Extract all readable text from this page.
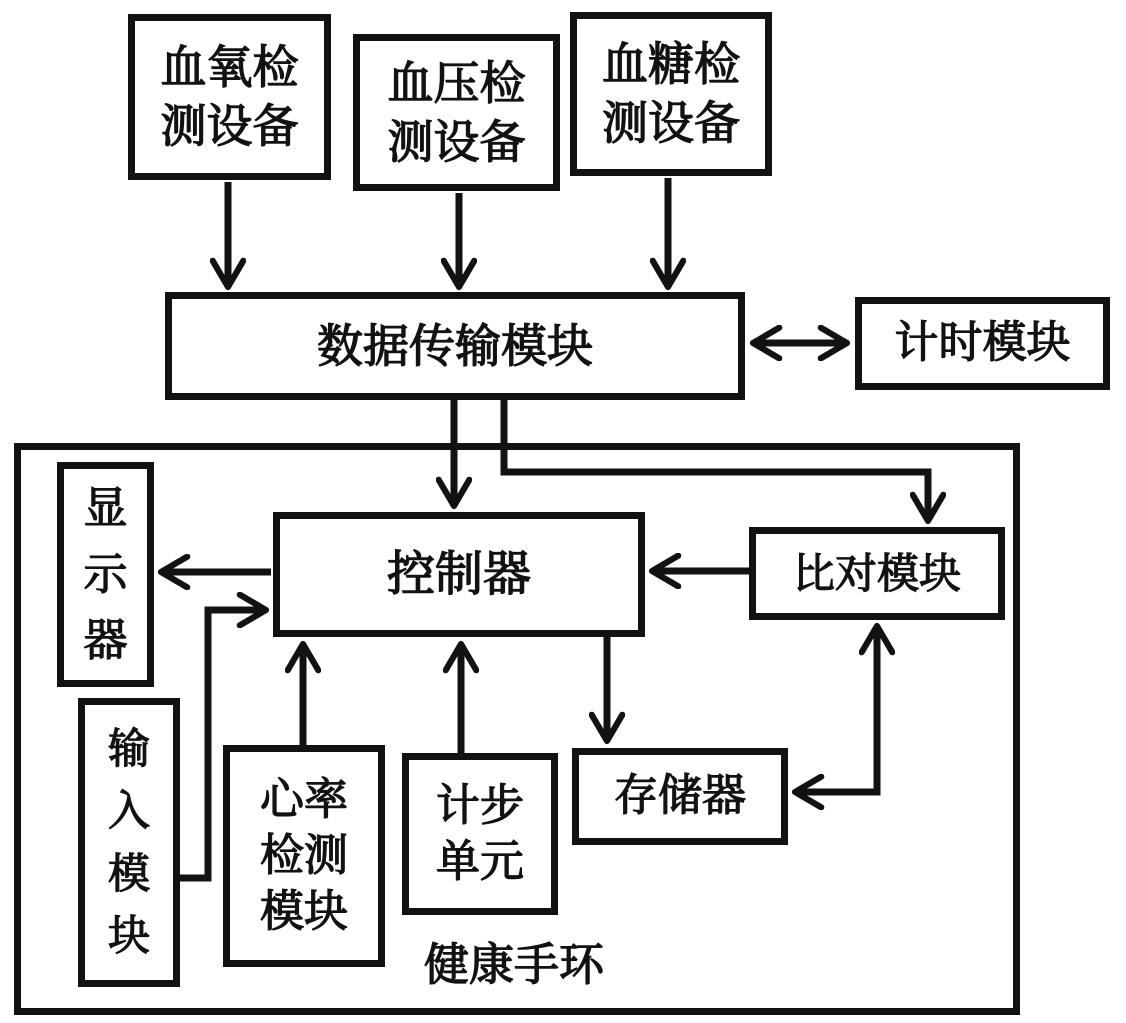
血氧检
测设备
血压检
测设备
血糖检
测设备
数据传输模块	计时模块
显
示
器
控制器	比对模块
输
入
模
块
心率
检测
模块
计步
单元
存储器
健康手环
